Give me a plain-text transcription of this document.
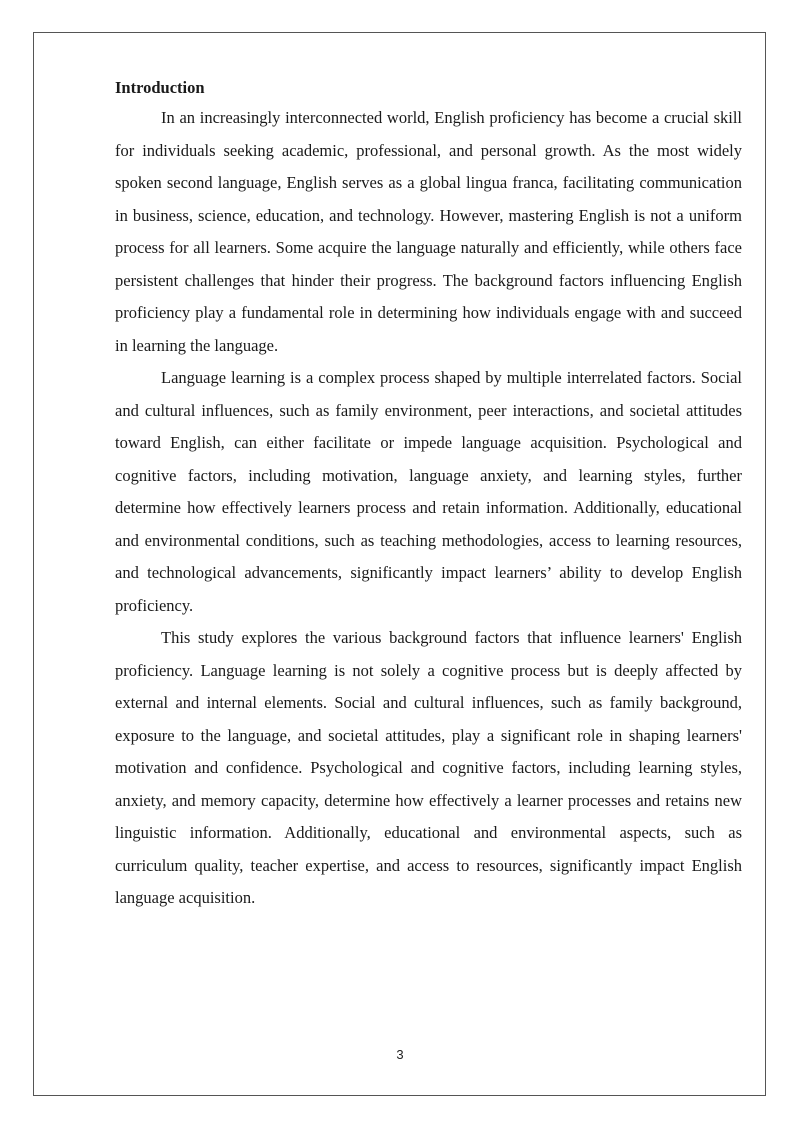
Introduction

In an increasingly interconnected world, English proficiency has become a crucial skill for individuals seeking academic, professional, and personal growth. As the most widely spoken second language, English serves as a global lingua franca, facilitating communication in business, science, education, and technology. However, mastering English is not a uniform process for all learners. Some acquire the language naturally and efficiently, while others face persistent challenges that hinder their progress. The background factors influencing English proficiency play a fundamental role in determining how individuals engage with and succeed in learning the language.

Language learning is a complex process shaped by multiple interrelated factors. Social and cultural influences, such as family environment, peer interactions, and societal attitudes toward English, can either facilitate or impede language acquisition. Psychological and cognitive factors, including motivation, language anxiety, and learning styles, further determine how effectively learners process and retain information. Additionally, educational and environmental conditions, such as teaching methodologies, access to learning resources, and technological advancements, significantly impact learners’ ability to develop English proficiency.

This study explores the various background factors that influence learners' English proficiency. Language learning is not solely a cognitive process but is deeply affected by external and internal elements. Social and cultural influences, such as family background, exposure to the language, and societal attitudes, play a significant role in shaping learners' motivation and confidence. Psychological and cognitive factors, including learning styles, anxiety, and memory capacity, determine how effectively a learner processes and retains new linguistic information. Additionally, educational and environmental aspects, such as curriculum quality, teacher expertise, and access to resources, significantly impact English language acquisition.

3
